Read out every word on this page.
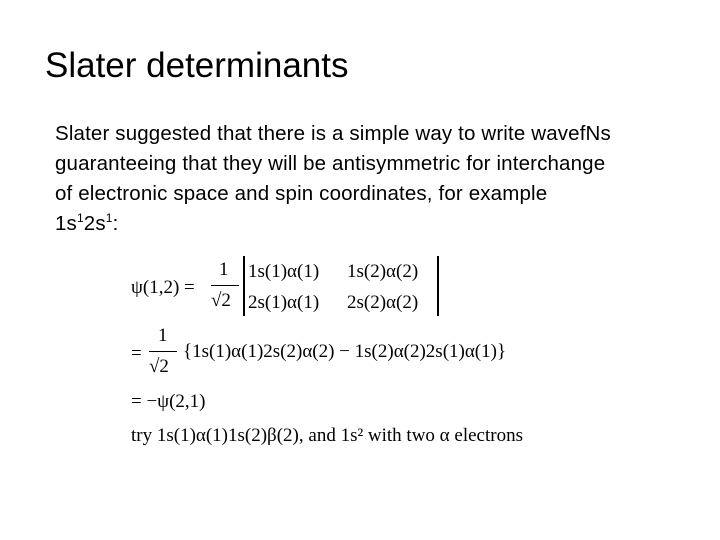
Slater determinants
Slater suggested that there is a simple way to write wavefNs
guaranteeing that they will be antisymmetric for interchange
of electronic space and spin coordinates, for example
$1s^12s^1$:
ψ(1,2) =
1
√2
1s(1)α(1) 1s(2)α(2)
2s(1)α(1) 2s(2)α(2)
=
1
√2
{1s(1)α(1)2s(2)α(2) − 1s(2)α(2)2s(1)α(1)}
= −ψ(2,1)
try 1s(1)α(1)1s(2)β(2), and 1s² with two α electrons
